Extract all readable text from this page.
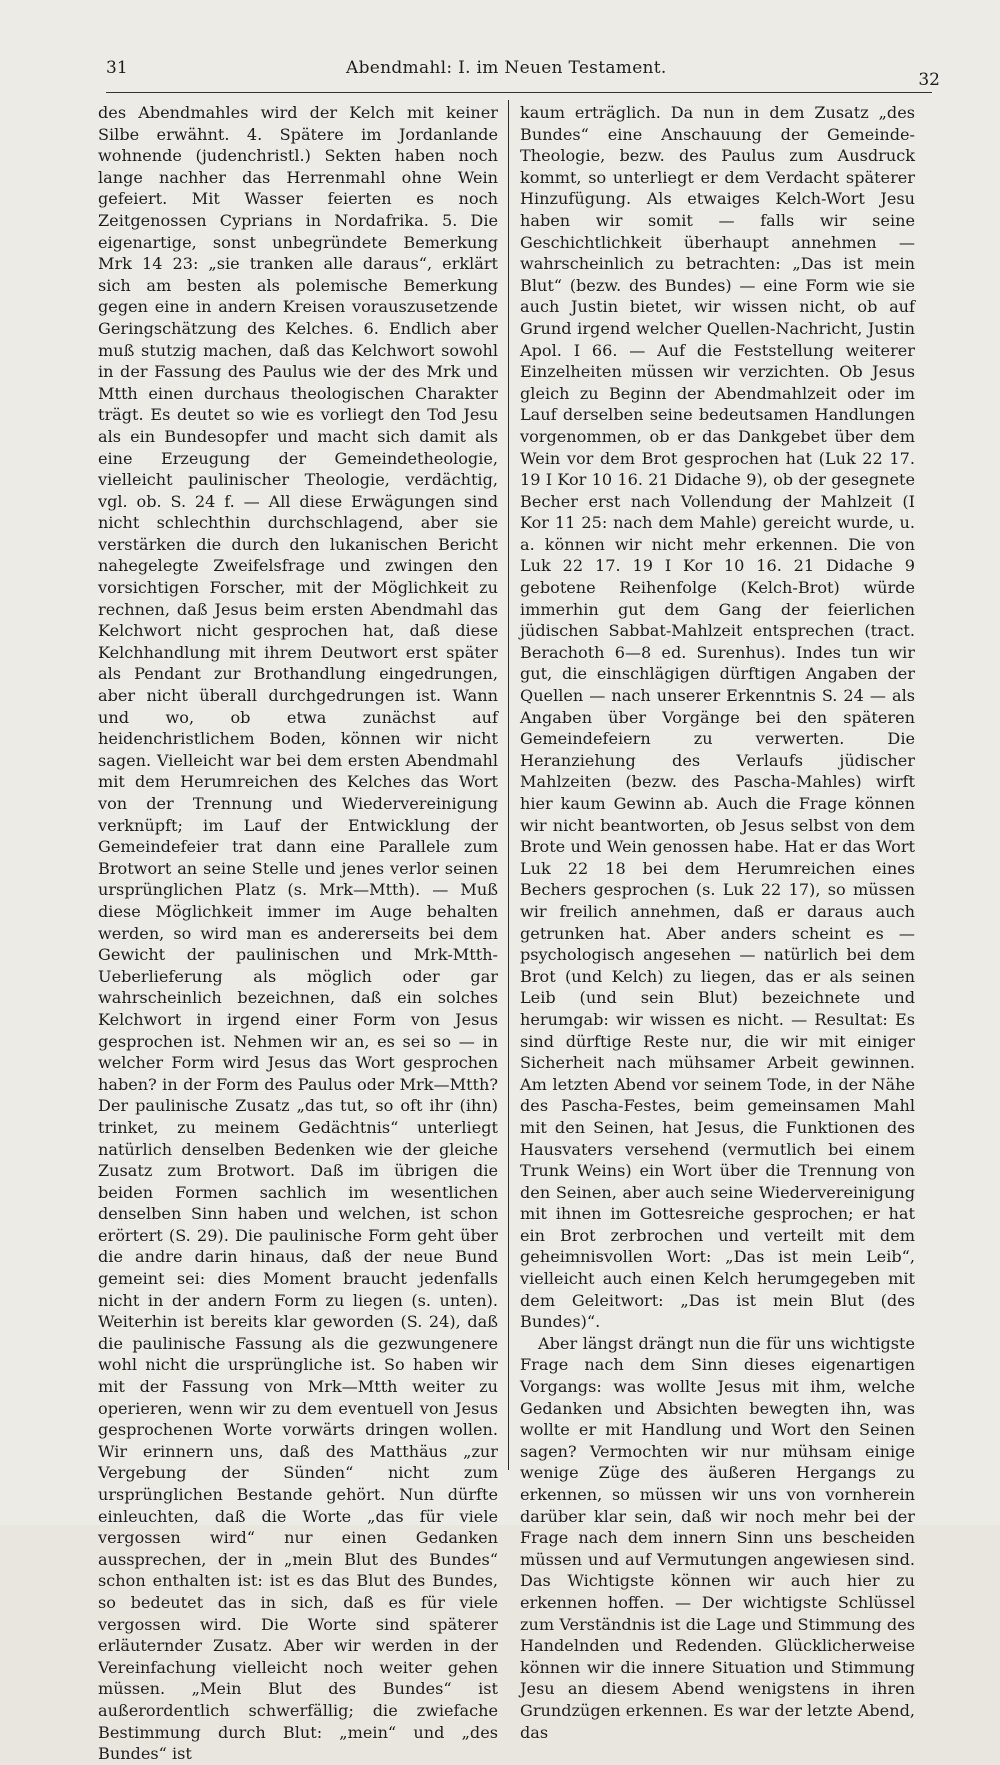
31	Abendmahl: I. im Neuen Testament.
32

des Abendmahles wird der Kelch mit keiner Silbe erwähnt. 4. Spätere im Jordanlande wohnende (judenchristl.) Sekten haben noch lange nachher das Herrenmahl ohne Wein gefeiert. Mit Wasser feierten es noch Zeitgenossen Cyprians in Nordafrika. 5. Die eigenartige, sonst unbegründete Bemerkung Mrk 14 23: „sie tranken alle daraus“, erklärt sich am besten als polemische Bemerkung gegen eine in andern Kreisen vorauszusetzende Geringschätzung des Kelches. 6. Endlich aber muß stutzig machen, daß das Kelchwort sowohl in der Fassung des Paulus wie der des Mrk und Mtth einen durchaus theologischen Charakter trägt. Es deutet so wie es vorliegt den Tod Jesu als ein Bundesopfer und macht sich damit als eine Erzeugung der Gemeindetheologie, vielleicht paulinischer Theologie, verdächtig, vgl. ob. S. 24 f. — All diese Erwägungen sind nicht schlechthin durchschlagend, aber sie verstärken die durch den lukanischen Bericht nahegelegte Zweifelsfrage und zwingen den vorsichtigen Forscher, mit der Möglichkeit zu rechnen, daß Jesus beim ersten Abendmahl das Kelchwort nicht gesprochen hat, daß diese Kelchhandlung mit ihrem Deutwort erst später als Pendant zur Brothandlung eingedrungen, aber nicht überall durchgedrungen ist. Wann und wo, ob etwa zunächst auf heidenchristlichem Boden, können wir nicht sagen. Vielleicht war bei dem ersten Abendmahl mit dem Herumreichen des Kelches das Wort von der Trennung und Wiedervereinigung verknüpft; im Lauf der Entwicklung der Gemeindefeier trat dann eine Parallele zum Brotwort an seine Stelle und jenes verlor seinen ursprünglichen Platz (s. Mrk—Mtth). — Muß diese Möglichkeit immer im Auge behalten werden, so wird man es andererseits bei dem Gewicht der paulinischen und Mrk-Mtth-Ueberlieferung als möglich oder gar wahrscheinlich bezeichnen, daß ein solches Kelchwort in irgend einer Form von Jesus gesprochen ist. Nehmen wir an, es sei so — in welcher Form wird Jesus das Wort gesprochen haben? in der Form des Paulus oder Mrk—Mtth? Der paulinische Zusatz „das tut, so oft ihr (ihn) trinket, zu meinem Gedächtnis“ unterliegt natürlich denselben Bedenken wie der gleiche Zusatz zum Brotwort. Daß im übrigen die beiden Formen sachlich im wesentlichen denselben Sinn haben und welchen, ist schon erörtert (S. 29). Die paulinische Form geht über die andre darin hinaus, daß der neue Bund gemeint sei: dies Moment braucht jedenfalls nicht in der andern Form zu liegen (s. unten). Weiterhin ist bereits klar geworden (S. 24), daß die paulinische Fassung als die gezwungenere wohl nicht die ursprüngliche ist. So haben wir mit der Fassung von Mrk—Mtth weiter zu operieren, wenn wir zu dem eventuell von Jesus gesprochenen Worte vorwärts dringen wollen. Wir erinnern uns, daß des Matthäus „zur Vergebung der Sünden“ nicht zum ursprünglichen Bestande gehört. Nun dürfte einleuchten, daß die Worte „das für viele vergossen wird“ nur einen Gedanken aussprechen, der in „mein Blut des Bundes“ schon enthalten ist: ist es das Blut des Bundes, so bedeutet das in sich, daß es für viele vergossen wird. Die Worte sind späterer erläuternder Zusatz. Aber wir werden in der Vereinfachung vielleicht noch weiter gehen müssen. „Mein Blut des Bundes“ ist außerordentlich schwerfällig; die zwiefache Bestimmung durch Blut: „mein“ und „des Bundes“ ist

kaum erträglich. Da nun in dem Zusatz „des Bundes“ eine Anschauung der Gemeinde-Theologie, bezw. des Paulus zum Ausdruck kommt, so unterliegt er dem Verdacht späterer Hinzufügung. Als etwaiges Kelch-Wort Jesu haben wir somit — falls wir seine Geschichtlichkeit überhaupt annehmen — wahrscheinlich zu betrachten: „Das ist mein Blut“ (bezw. des Bundes) — eine Form wie sie auch Justin bietet, wir wissen nicht, ob auf Grund irgend welcher Quellen-Nachricht, Justin Apol. I 66. — Auf die Feststellung weiterer Einzelheiten müssen wir verzichten. Ob Jesus gleich zu Beginn der Abendmahlzeit oder im Lauf derselben seine bedeutsamen Handlungen vorgenommen, ob er das Dankgebet über dem Wein vor dem Brot gesprochen hat (Luk 22 17. 19 I Kor 10 16. 21 Didache 9), ob der gesegnete Becher erst nach Vollendung der Mahlzeit (I Kor 11 25: nach dem Mahle) gereicht wurde, u. a. können wir nicht mehr erkennen. Die von Luk 22 17. 19 I Kor 10 16. 21 Didache 9 gebotene Reihenfolge (Kelch-Brot) würde immerhin gut dem Gang der feierlichen jüdischen Sabbat-Mahlzeit entsprechen (tract. Berachoth 6—8 ed. Surenhus). Indes tun wir gut, die einschlägigen dürftigen Angaben der Quellen — nach unserer Erkenntnis S. 24 — als Angaben über Vorgänge bei den späteren Gemeindefeiern zu verwerten. Die Heranziehung des Verlaufs jüdischer Mahlzeiten (bezw. des Pascha-Mahles) wirft hier kaum Gewinn ab. Auch die Frage können wir nicht beantworten, ob Jesus selbst von dem Brote und Wein genossen habe. Hat er das Wort Luk 22 18 bei dem Herumreichen eines Bechers gesprochen (s. Luk 22 17), so müssen wir freilich annehmen, daß er daraus auch getrunken hat. Aber anders scheint es — psychologisch angesehen — natürlich bei dem Brot (und Kelch) zu liegen, das er als seinen Leib (und sein Blut) bezeichnete und herumgab: wir wissen es nicht. — Resultat: Es sind dürftige Reste nur, die wir mit einiger Sicherheit nach mühsamer Arbeit gewinnen. Am letzten Abend vor seinem Tode, in der Nähe des Pascha-Festes, beim gemeinsamen Mahl mit den Seinen, hat Jesus, die Funktionen des Hausvaters versehend (vermutlich bei einem Trunk Weins) ein Wort über die Trennung von den Seinen, aber auch seine Wiedervereinigung mit ihnen im Gottesreiche gesprochen; er hat ein Brot zerbrochen und verteilt mit dem geheimnisvollen Wort: „Das ist mein Leib“, vielleicht auch einen Kelch herumgegeben mit dem Geleitwort: „Das ist mein Blut (des Bundes)“.

Aber längst drängt nun die für uns wichtigste Frage nach dem Sinn dieses eigenartigen Vorgangs: was wollte Jesus mit ihm, welche Gedanken und Absichten bewegten ihn, was wollte er mit Handlung und Wort den Seinen sagen? Vermochten wir nur mühsam einige wenige Züge des äußeren Hergangs zu erkennen, so müssen wir uns von vornherein darüber klar sein, daß wir noch mehr bei der Frage nach dem innern Sinn uns bescheiden müssen und auf Vermutungen angewiesen sind. Das Wichtigste können wir auch hier zu erkennen hoffen. — Der wichtigste Schlüssel zum Verständnis ist die Lage und Stimmung des Handelnden und Redenden. Glücklicherweise können wir die innere Situation und Stimmung Jesu an diesem Abend wenigstens in ihren Grundzügen erkennen. Es war der letzte Abend, das
